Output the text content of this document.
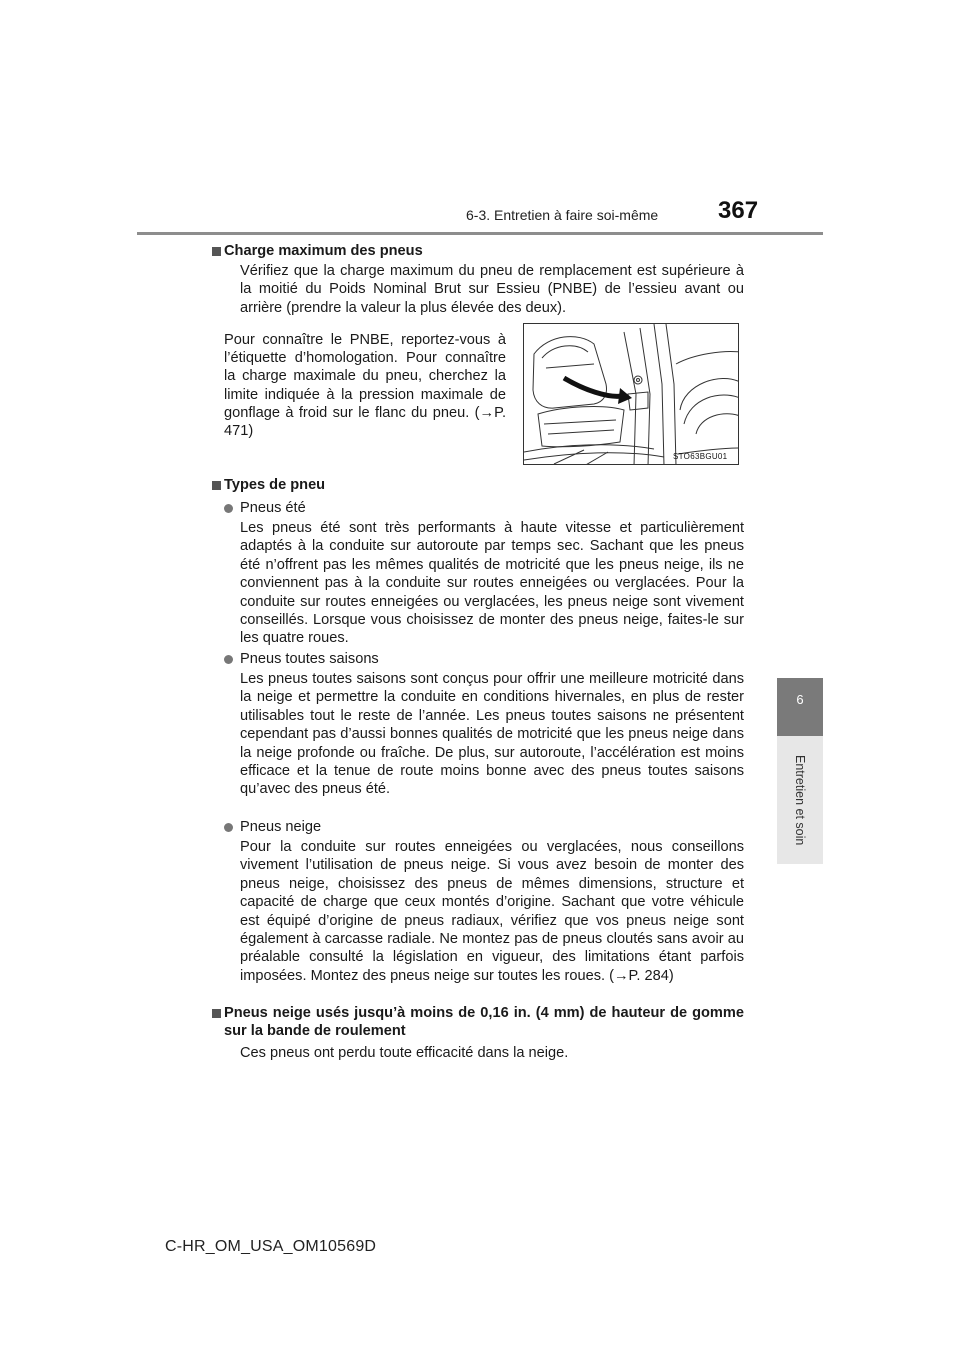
6-3. Entretien à faire soi-même 367
6
Entretien et soin
Charge maximum des pneus
Vérifiez que la charge maximum du pneu de remplacement est supérieure à la moitié du Poids Nominal Brut sur Essieu (PNBE) de l’essieu avant ou arrière (prendre la valeur la plus élevée des deux).
Pour connaître le PNBE, reportez-vous à l’étiquette d’homologation. Pour connaître la charge maximale du pneu, cherchez la limite indiquée à la pression maximale de gonflage à froid sur le flanc du pneu. (→P. 471)
STO63BGU01
Types de pneu
Pneus été
Les pneus été sont très performants à haute vitesse et particulièrement adaptés à la conduite sur autoroute par temps sec. Sachant que les pneus été n’offrent pas les mêmes qualités de motricité que les pneus neige, ils ne conviennent pas à la conduite sur routes enneigées ou verglacées. Pour la conduite sur routes enneigées ou verglacées, les pneus neige sont vivement conseillés. Lorsque vous choisissez de monter des pneus neige, faites-le sur les quatre roues.
Pneus toutes saisons
Les pneus toutes saisons sont conçus pour offrir une meilleure motricité dans la neige et permettre la conduite en conditions hivernales, en plus de rester utilisables tout le reste de l’année. Les pneus toutes saisons ne présentent cependant pas d’aussi bonnes qualités de motricité que les pneus neige dans la neige profonde ou fraîche. De plus, sur autoroute, l’accélération est moins efficace et la tenue de route moins bonne avec des pneus toutes saisons qu’avec des pneus été.
Pneus neige
Pour la conduite sur routes enneigées ou verglacées, nous conseillons vivement l’utilisation de pneus neige. Si vous avez besoin de monter des pneus neige, choisissez des pneus de mêmes dimensions, structure et capacité de charge que ceux montés d’origine. Sachant que votre véhicule est équipé d’origine de pneus radiaux, vérifiez que vos pneus neige sont également à carcasse radiale. Ne montez pas de pneus cloutés sans avoir au préalable consulté la législation en vigueur, des limitations étant parfois imposées. Montez des pneus neige sur toutes les roues. (→P. 284)
Pneus neige usés jusqu’à moins de 0,16 in. (4 mm) de hauteur de gomme sur la bande de roulement
Ces pneus ont perdu toute efficacité dans la neige.
C-HR_OM_USA_OM10569D
